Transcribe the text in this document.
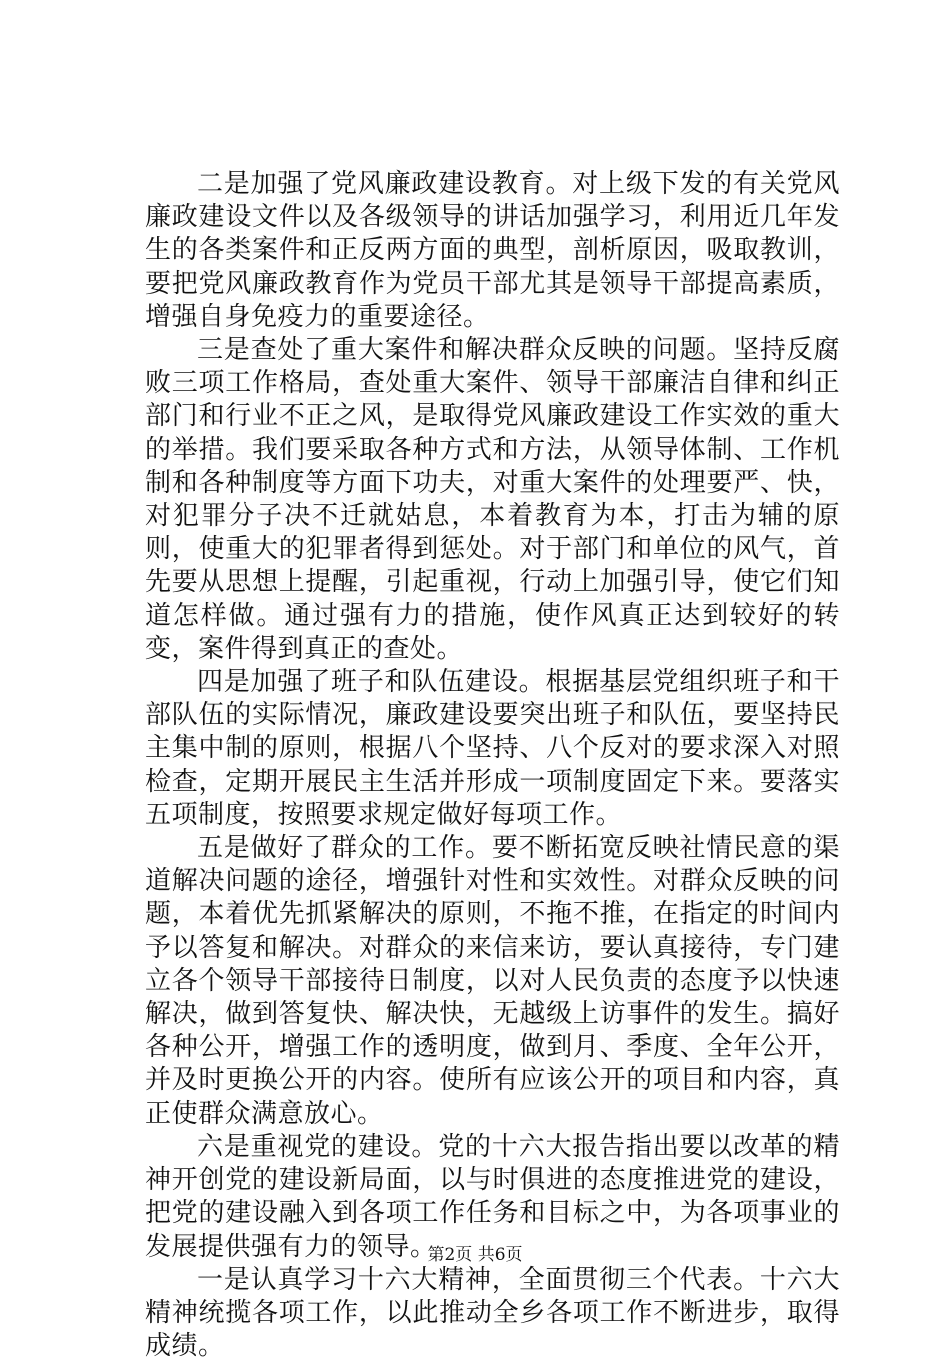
二是加强了党风廉政建设教育。对上级下发的有关党风廉政建设文件以及各级领导的讲话加强学习，利用近几年发生的各类案件和正反两方面的典型，剖析原因，吸取教训，要把党风廉政教育作为党员干部尤其是领导干部提高素质，增强自身免疫力的重要途径。

三是查处了重大案件和解决群众反映的问题。坚持反腐败三项工作格局，查处重大案件、领导干部廉洁自律和纠正部门和行业不正之风，是取得党风廉政建设工作实效的重大的举措。我们要采取各种方式和方法，从领导体制、工作机制和各种制度等方面下功夫，对重大案件的处理要严、快，对犯罪分子决不迁就姑息，本着教育为本，打击为辅的原则，使重大的犯罪者得到惩处。对于部门和单位的风气，首先要从思想上提醒，引起重视，行动上加强引导，使它们知道怎样做。通过强有力的措施，使作风真正达到较好的转变，案件得到真正的查处。

四是加强了班子和队伍建设。根据基层党组织班子和干部队伍的实际情况，廉政建设要突出班子和队伍，要坚持民主集中制的原则，根据八个坚持、八个反对的要求深入对照检查，定期开展民主生活并形成一项制度固定下来。要落实五项制度，按照要求规定做好每项工作。

五是做好了群众的工作。要不断拓宽反映社情民意的渠道解决问题的途径，增强针对性和实效性。对群众反映的问题，本着优先抓紧解决的原则，不拖不推，在指定的时间内予以答复和解决。对群众的来信来访，要认真接待，专门建立各个领导干部接待日制度，以对人民负责的态度予以快速解决，做到答复快、解决快，无越级上访事件的发生。搞好各种公开，增强工作的透明度，做到月、季度、全年公开，并及时更换公开的内容。使所有应该公开的项目和内容，真正使群众满意放心。

六是重视党的建设。党的十六大报告指出要以改革的精神开创党的建设新局面，以与时俱进的态度推进党的建设，把党的建设融入到各项工作任务和目标之中，为各项事业的发展提供强有力的领导。

一是认真学习十六大精神，全面贯彻三个代表。十六大精神统揽各项工作，以此推动全乡各项工作不断进步，取得成绩。

第2页 共6页
